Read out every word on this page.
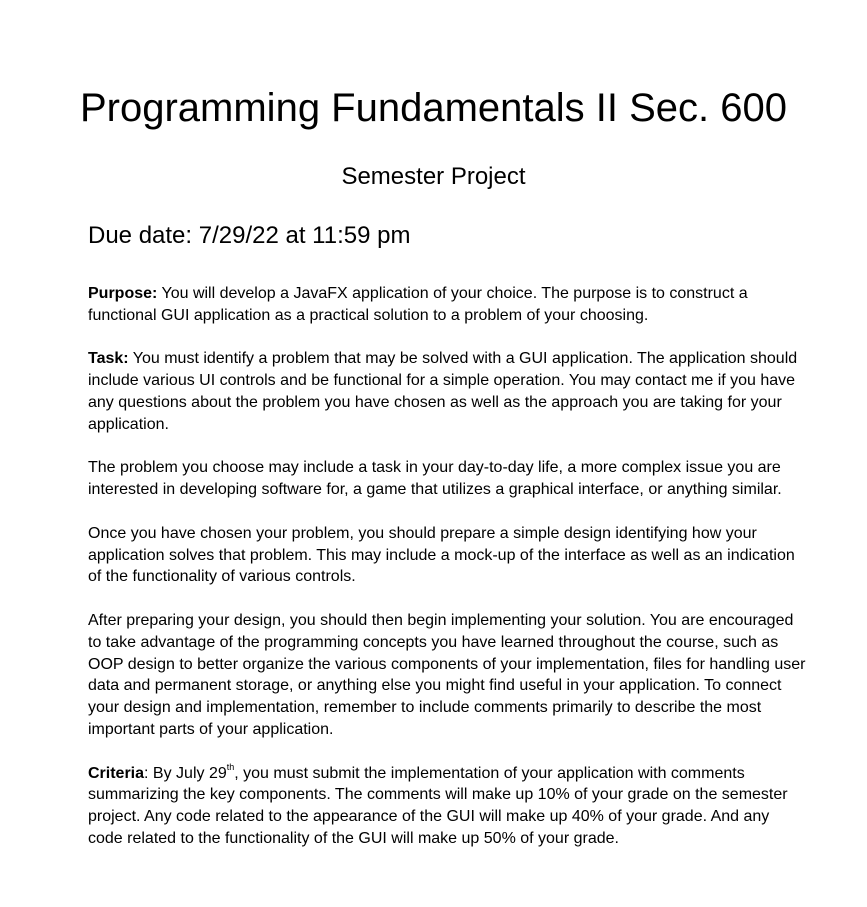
Programming Fundamentals II Sec. 600
Semester Project
Due date: 7/29/22 at 11:59 pm

Purpose: You will develop a JavaFX application of your choice. The purpose is to construct a functional GUI application as a practical solution to a problem of your choosing.

Task: You must identify a problem that may be solved with a GUI application. The application should include various UI controls and be functional for a simple operation. You may contact me if you have any questions about the problem you have chosen as well as the approach you are taking for your application.

The problem you choose may include a task in your day-to-day life, a more complex issue you are interested in developing software for, a game that utilizes a graphical interface, or anything similar.

Once you have chosen your problem, you should prepare a simple design identifying how your application solves that problem. This may include a mock-up of the interface as well as an indication of the functionality of various controls.

After preparing your design, you should then begin implementing your solution. You are encouraged to take advantage of the programming concepts you have learned throughout the course, such as OOP design to better organize the various components of your implementation, files for handling user data and permanent storage, or anything else you might find useful in your application. To connect your design and implementation, remember to include comments primarily to describe the most important parts of your application.

Criteria: By July 29th, you must submit the implementation of your application with comments summarizing the key components. The comments will make up 10% of your grade on the semester project. Any code related to the appearance of the GUI will make up 40% of your grade. And any code related to the functionality of the GUI will make up 50% of your grade.
